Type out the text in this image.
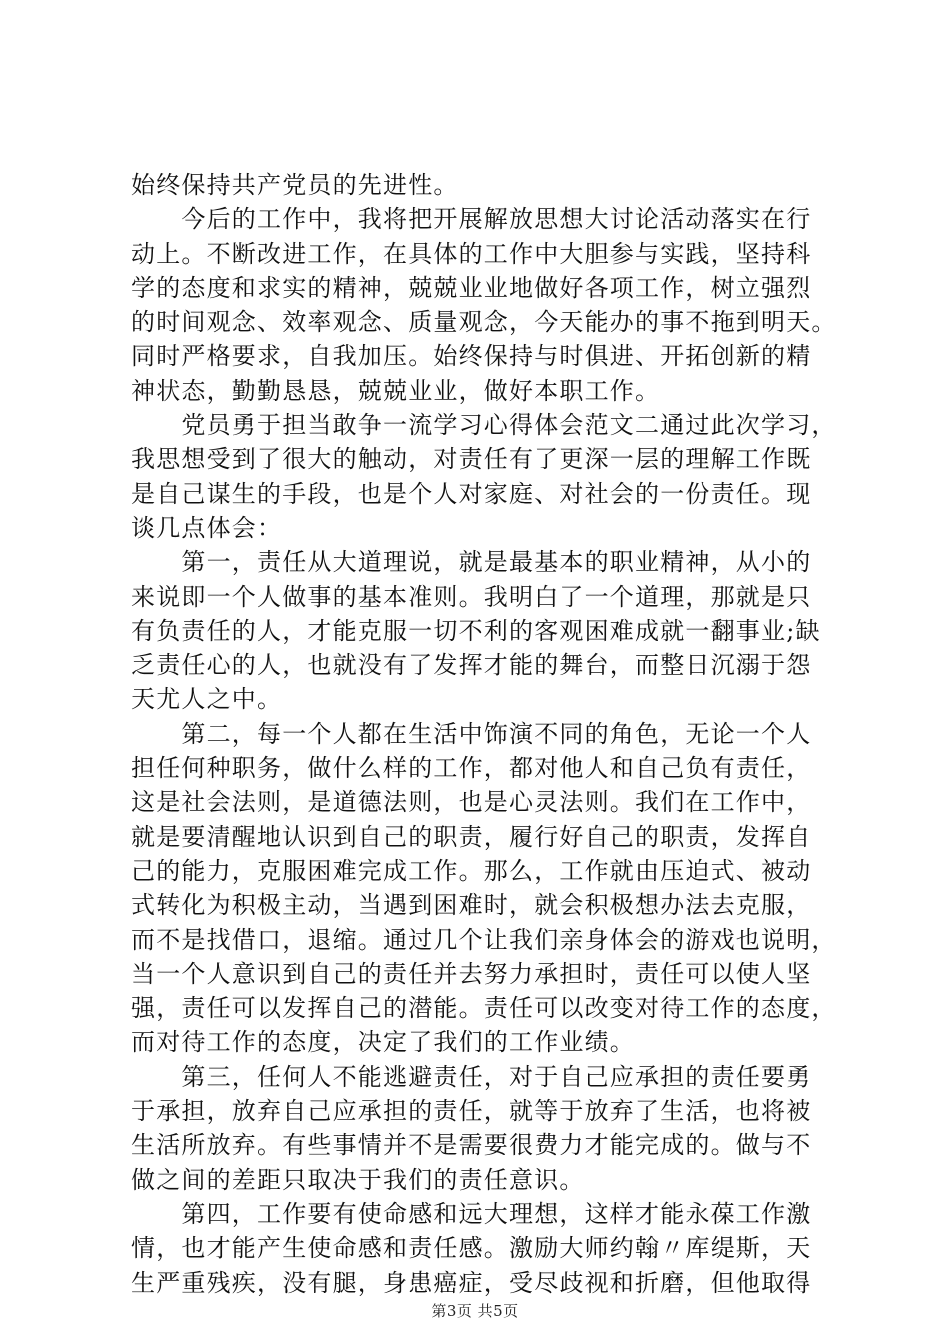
始终保持共产党员的先进性。
　　今后的工作中，我将把开展解放思想大讨论活动落实在行
动上。不断改进工作，在具体的工作中大胆参与实践，坚持科
学的态度和求实的精神，兢兢业业地做好各项工作，树立强烈
的时间观念、效率观念、质量观念，今天能办的事不拖到明天。
同时严格要求，自我加压。始终保持与时俱进、开拓创新的精
神状态，勤勤恳恳，兢兢业业，做好本职工作。
　　党员勇于担当敢争一流学习心得体会范文二通过此次学习，
我思想受到了很大的触动，对责任有了更深一层的理解工作既
是自己谋生的手段，也是个人对家庭、对社会的一份责任。现
谈几点体会：
　　第一，责任从大道理说，就是最基本的职业精神，从小的
来说即一个人做事的基本准则。我明白了一个道理，那就是只
有负责任的人，才能克服一切不利的客观困难成就一翻事业;缺
乏责任心的人，也就没有了发挥才能的舞台，而整日沉溺于怨
天尤人之中。
　　第二，每一个人都在生活中饰演不同的角色，无论一个人
担任何种职务，做什么样的工作，都对他人和自己负有责任，
这是社会法则，是道德法则，也是心灵法则。我们在工作中，
就是要清醒地认识到自己的职责，履行好自己的职责，发挥自
己的能力，克服困难完成工作。那么，工作就由压迫式、被动
式转化为积极主动，当遇到困难时，就会积极想办法去克服，
而不是找借口，退缩。通过几个让我们亲身体会的游戏也说明，
当一个人意识到自己的责任并去努力承担时，责任可以使人坚
强，责任可以发挥自己的潜能。责任可以改变对待工作的态度，
而对待工作的态度，决定了我们的工作业绩。
　　第三，任何人不能逃避责任，对于自己应承担的责任要勇
于承担，放弃自己应承担的责任，就等于放弃了生活，也将被
生活所放弃。有些事情并不是需要很费力才能完成的。做与不
做之间的差距只取决于我们的责任意识。
　　第四，工作要有使命感和远大理想，这样才能永葆工作激
情，也才能产生使命感和责任感。激励大师约翰〃库缇斯，天
生严重残疾，没有腿，身患癌症，受尽歧视和折磨，但他取得
第3页 共5页
